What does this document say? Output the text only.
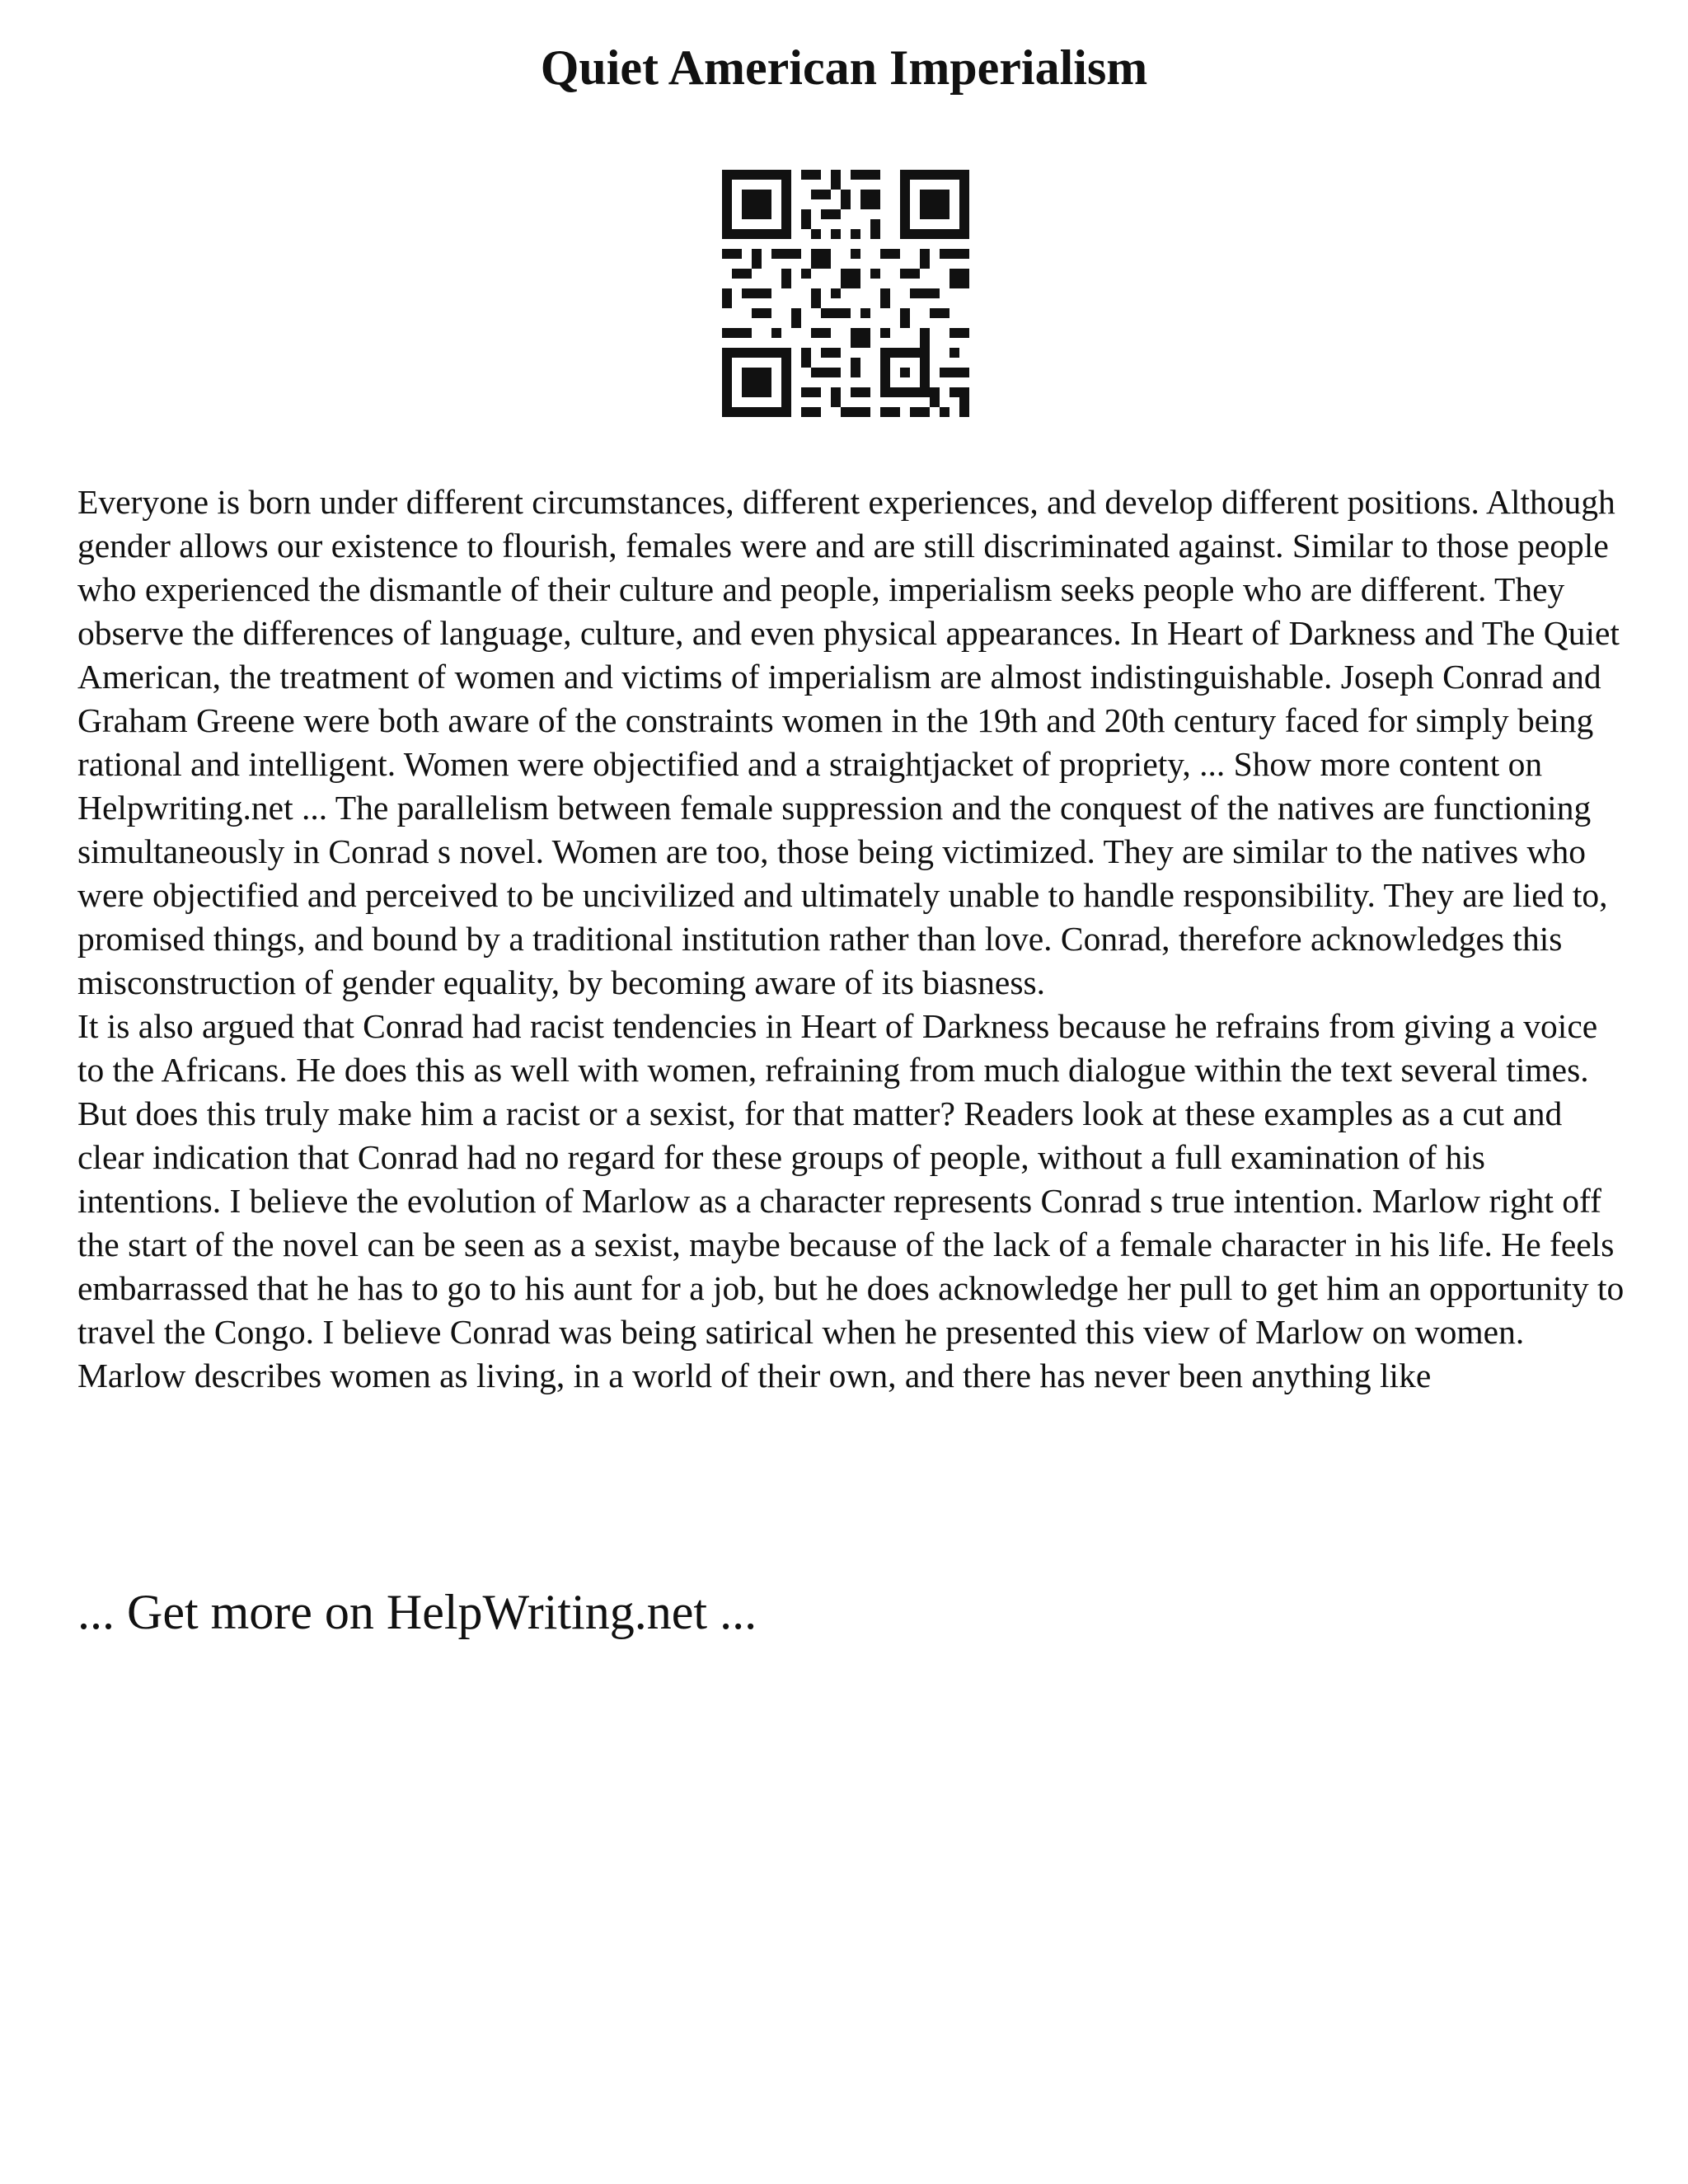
Quiet American Imperialism

Everyone is born under different circumstances, different experiences, and develop different positions. Although gender allows our existence to flourish, females were and are still discriminated against. Similar to those people who experienced the dismantle of their culture and people, imperialism seeks people who are different. They observe the differences of language, culture, and even physical appearances. In Heart of Darkness and The Quiet American, the treatment of women and victims of imperialism are almost indistinguishable. Joseph Conrad and Graham Greene were both aware of the constraints women in the 19th and 20th century faced for simply being rational and intelligent. Women were objectified and a straightjacket of propriety, ... Show more content on Helpwriting.net ... The parallelism between female suppression and the conquest of the natives are functioning simultaneously in Conrad s novel. Women are too, those being victimized. They are similar to the natives who were objectified and perceived to be uncivilized and ultimately unable to handle responsibility. They are lied to, promised things, and bound by a traditional institution rather than love. Conrad, therefore acknowledges this misconstruction of gender equality, by becoming aware of its biasness.

It is also argued that Conrad had racist tendencies in Heart of Darkness because he refrains from giving a voice to the Africans. He does this as well with women, refraining from much dialogue within the text several times. But does this truly make him a racist or a sexist, for that matter? Readers look at these examples as a cut and clear indication that Conrad had no regard for these groups of people, without a full examination of his intentions. I believe the evolution of Marlow as a character represents Conrad s true intention. Marlow right off the start of the novel can be seen as a sexist, maybe because of the lack of a female character in his life. He feels embarrassed that he has to go to his aunt for a job, but he does acknowledge her pull to get him an opportunity to travel the Congo. I believe Conrad was being satirical when he presented this view of Marlow on women. Marlow describes women as living, in a world of their own, and there has never been anything like

... Get more on HelpWriting.net ...
